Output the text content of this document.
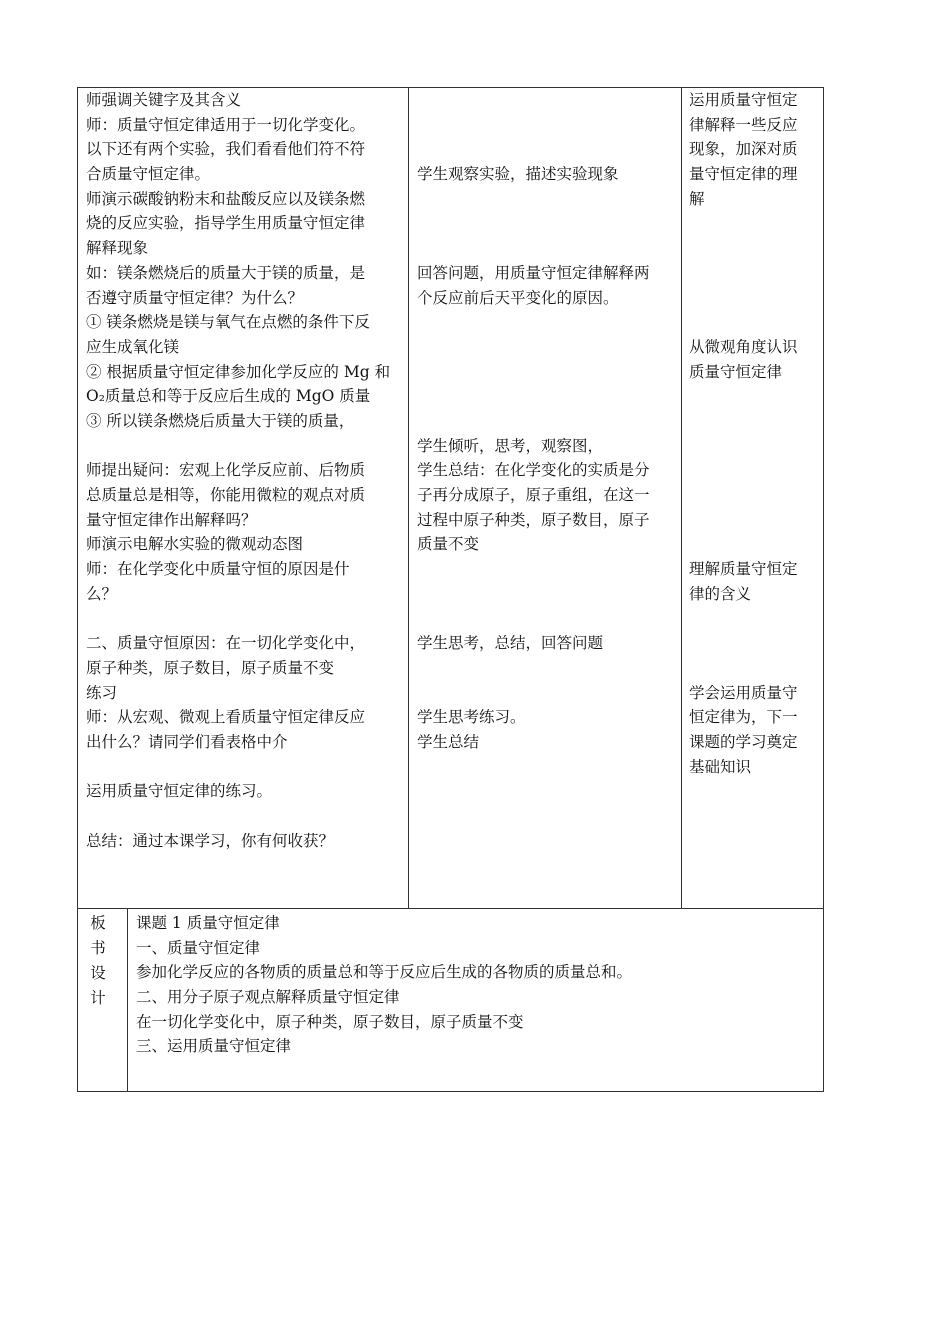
师强调关键字及其含义
师：质量守恒定律适用于一切化学变化。
以下还有两个实验，我们看看他们符不符
合质量守恒定律。
师演示碳酸钠粉末和盐酸反应以及镁条燃
烧的反应实验，指导学生用质量守恒定律
解释现象
如：镁条燃烧后的质量大于镁的质量，是
否遵守质量守恒定律？为什么？
① 镁条燃烧是镁与氧气在点燃的条件下反
应生成氧化镁
② 根据质量守恒定律参加化学反应的 Mg 和
O₂质量总和等于反应后生成的 MgO 质量
③ 所以镁条燃烧后质量大于镁的质量，
师提出疑问：宏观上化学反应前、后物质
总质量总是相等，你能用微粒的观点对质
量守恒定律作出解释吗？
师演示电解水实验的微观动态图
师：在化学变化中质量守恒的原因是什
么？
二、质量守恒原因：在一切化学变化中，
原子种类，原子数目，原子质量不变
练习
师：从宏观、微观上看质量守恒定律反应
出什么？请同学们看表格中介
运用质量守恒定律的练习。
总结：通过本课学习，你有何收获？
学生观察实验，描述实验现象
回答问题，用质量守恒定律解释两
个反应前后天平变化的原因。
学生倾听，思考，观察图，
学生总结：在化学变化的实质是分
子再分成原子，原子重组，在这一
过程中原子种类，原子数目，原子
质量不变
学生思考，总结，回答问题
学生思考练习。
学生总结
运用质量守恒定
律解释一些反应
现象，加深对质
量守恒定律的理
解
从微观角度认识
质量守恒定律
理解质量守恒定
律的含义
学会运用质量守
恒定律为，下一
课题的学习奠定
基础知识
板
书
设
计
课题 1 质量守恒定律
一、质量守恒定律
参加化学反应的各物质的质量总和等于反应后生成的各物质的质量总和。
二、用分子原子观点解释质量守恒定律
在一切化学变化中，原子种类，原子数目，原子质量不变
三、运用质量守恒定律
